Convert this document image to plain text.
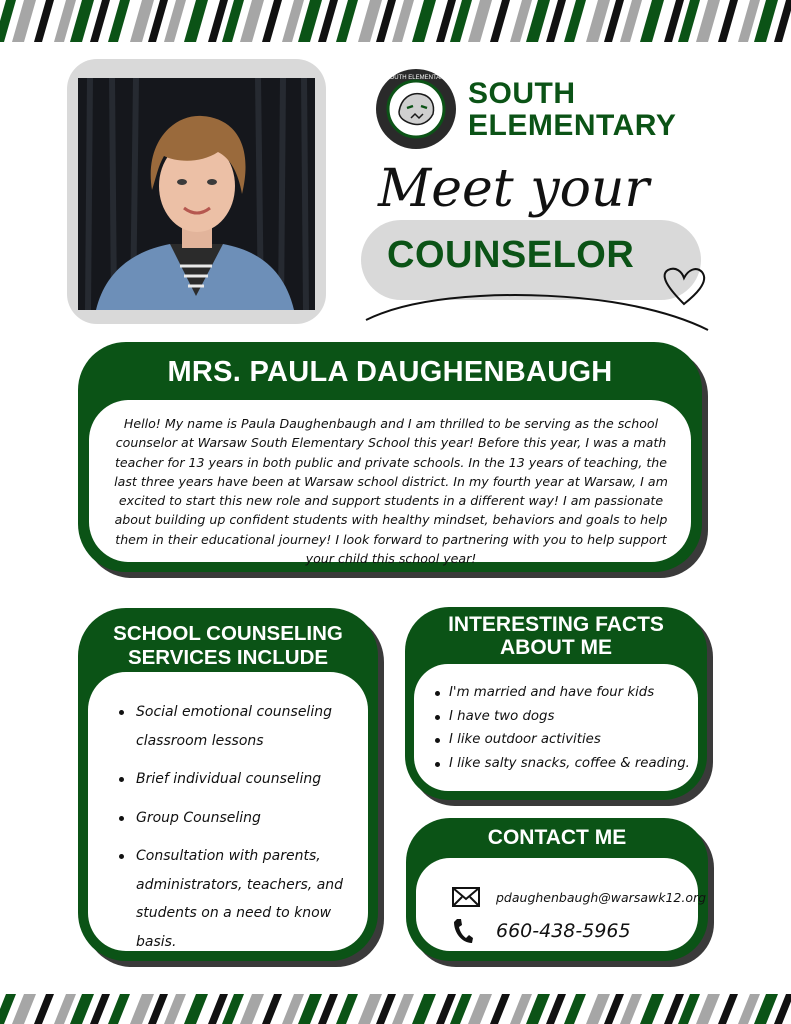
WARSAW SOUTH ELEMENTARY SCHOOL
SOUTH
ELEMENTARY
Meet your
COUNSELOR
MRS. PAULA DAUGHENBAUGH
Hello! My name is Paula Daughenbaugh and I am thrilled to be serving as the school counselor at Warsaw South Elementary School this year! Before this year, I was a math teacher for 13 years in both public and private schools. In the 13 years of teaching, the last three years have been at Warsaw school district. In my fourth year at Warsaw, I am excited to start this new role and support students in a different way! I am passionate about building up confident students with healthy mindset, behaviors and goals to help them in their educational journey! I look forward to partnering with you to help support your child this school year!
SCHOOL COUNSELING
SERVICES INCLUDE
Social emotional counseling classroom lessons
Brief individual counseling
Group Counseling
Consultation with parents, administrators, teachers, and students on a need to know basis.
INTERESTING FACTS
ABOUT ME
I'm married and have four kids
I have two dogs
I like outdoor activities
I like salty snacks, coffee & reading.
CONTACT ME
pdaughenbaugh@warsawk12.org
660-438-5965
